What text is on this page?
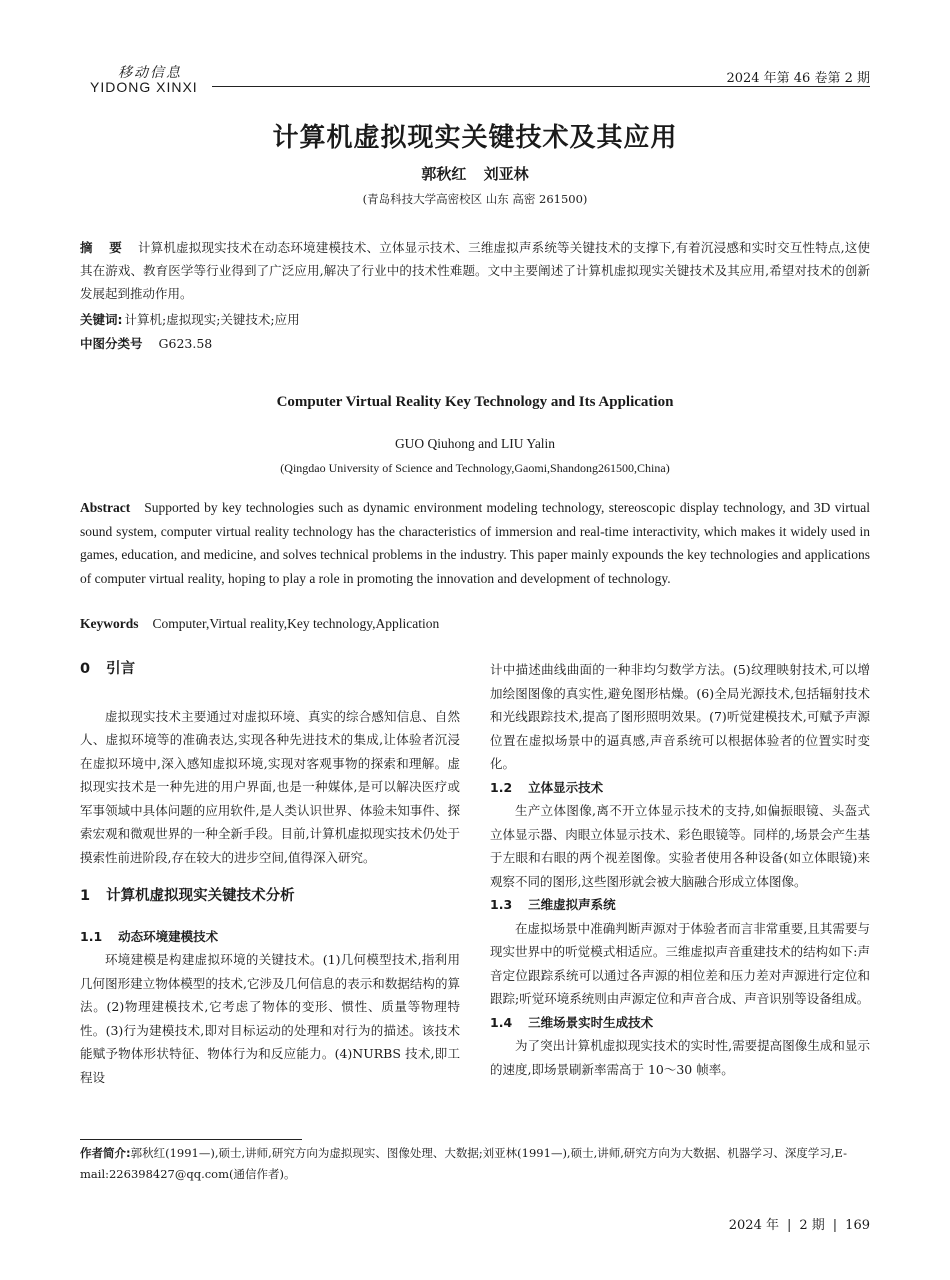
移动信息
YIDONG XINXI
2024 年第 46 卷第 2 期
计算机虚拟现实关键技术及其应用
郭秋红 刘亚林
(青岛科技大学高密校区 山东 高密 261500)
摘 要 计算机虚拟现实技术在动态环境建模技术、立体显示技术、三维虚拟声系统等关键技术的支撑下,有着沉浸感和实时交互性特点,这使其在游戏、教育医学等行业得到了广泛应用,解决了行业中的技术性难题。文中主要阐述了计算机虚拟现实关键技术及其应用,希望对技术的创新发展起到推动作用。
关键词: 计算机;虚拟现实;关键技术;应用
中图分类号 G623.58
Computer Virtual Reality Key Technology and Its Application
GUO Qiuhong and LIU Yalin
(Qingdao University of Science and Technology,Gaomi,Shandong261500,China)
Abstract Supported by key technologies such as dynamic environment modeling technology, stereoscopic display technology, and 3D virtual sound system, computer virtual reality technology has the characteristics of immersion and real-time interactivity, which makes it widely used in games, education, and medicine, and solves technical problems in the industry. This paper mainly expounds the key technologies and applications of computer virtual reality, hoping to play a role in promoting the innovation and development of technology.
Keywords Computer,Virtual reality,Key technology,Application
0 引言

虚拟现实技术主要通过对虚拟环境、真实的综合感知信息、自然人、虚拟环境等的准确表达,实现各种先进技术的集成,让体验者沉浸在虚拟环境中,深入感知虚拟环境,实现对客观事物的探索和理解。虚拟现实技术是一种先进的用户界面,也是一种媒体,是可以解决医疗或军事领域中具体问题的应用软件,是人类认识世界、体验未知事件、探索宏观和微观世界的一种全新手段。目前,计算机虚拟现实技术仍处于摸索性前进阶段,存在较大的进步空间,值得深入研究。

1 计算机虚拟现实关键技术分析
1.1 动态环境建模技术

环境建模是构建虚拟环境的关键技术。(1)几何模型技术,指利用几何图形建立物体模型的技术,它涉及几何信息的表示和数据结构的算法。(2)物理建模技术,它考虑了物体的变形、惯性、质量等物理特性。(3)行为建模技术,即对目标运动的处理和对行为的描述。该技术能赋予物体形状特征、物体行为和反应能力。(4)NURBS 技术,即工程设

计中描述曲线曲面的一种非均匀数学方法。(5)纹理映射技术,可以增加绘图图像的真实性,避免图形枯燥。(6)全局光源技术,包括辐射技术和光线跟踪技术,提高了图形照明效果。(7)听觉建模技术,可赋予声源位置在虚拟场景中的逼真感,声音系统可以根据体验者的位置实时变化。

1.2 立体显示技术

生产立体图像,离不开立体显示技术的支持,如偏振眼镜、头盔式立体显示器、肉眼立体显示技术、彩色眼镜等。同样的,场景会产生基于左眼和右眼的两个视差图像。实验者使用各种设备(如立体眼镜)来观察不同的图形,这些图形就会被大脑融合形成立体图像。

1.3 三维虚拟声系统

在虚拟场景中准确判断声源对于体验者而言非常重要,且其需要与现实世界中的听觉模式相适应。三维虚拟声音重建技术的结构如下:声音定位跟踪系统可以通过各声源的相位差和压力差对声源进行定位和跟踪;听觉环境系统则由声源定位和声音合成、声音识别等设备组成。

1.4 三维场景实时生成技术

为了突出计算机虚拟现实技术的实时性,需要提高图像生成和显示的速度,即场景刷新率需高于 10～30 帧率。

作者简介:郭秋红(1991—),硕士,讲师,研究方向为虚拟现实、图像处理、大数据;刘亚林(1991—),硕士,讲师,研究方向为大数据、机器学习、深度学习,E-mail:226398427@qq.com(通信作者)。
2024 年 | 2 期 | 169
